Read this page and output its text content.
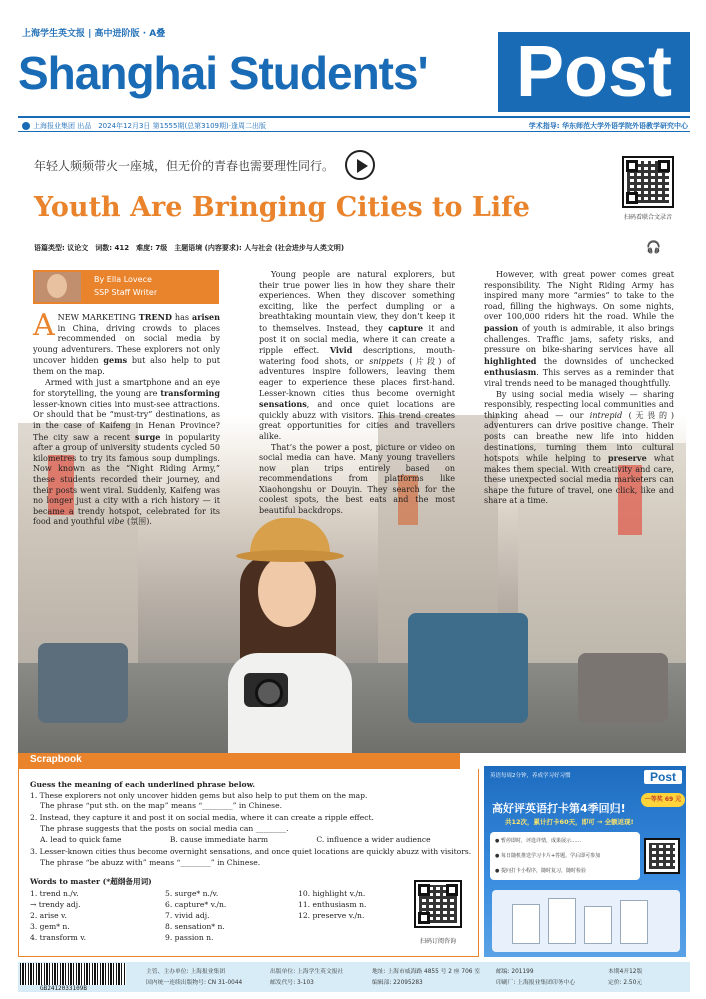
上海学生英文报 | 高中进阶版 · A叠
Shanghai Students' Post
上海报业集团 出品　2024年12月3日 第1555期(总第3109期)·逢周二出版	学术指导: 华东师范大学外语学院外语教学研究中心
年轻人频频带火一座城，但无价的青春也需要理性同行。
Youth Are Bringing Cities to Life	扫码看联合文录音
语篇类型: 议论文　词数: 412　难度: 7级　主题语境 (内容要求): 人与社会 (社会进步与人类文明)	🎧
By Ella Lovece
SSP Staff Writer

A NEW MARKETING TREND has arisen in China, driving crowds to places recommended on social media by young adventurers. These explorers not only uncover hidden gems but also help to put them on the map.

Armed with just a smartphone and an eye for storytelling, the young are transforming lesser-known cities into must-see attractions. Or should that be “must-try” destinations, as in the case of Kaifeng in Henan Province? The city saw a recent surge in popularity after a group of university students cycled 50 kilometres to try its famous soup dumplings. Now known as the “Night Riding Army,” these students recorded their journey, and their posts went viral. Suddenly, Kaifeng was no longer just a city with a rich history — it became a trendy hotspot, celebrated for its food and youthful vibe (氛围).

Young people are natural explorers, but their true power lies in how they share their experiences. When they discover something exciting, like the perfect dumpling or a breathtaking mountain view, they don’t keep it to themselves. Instead, they capture it and post it on social media, where it can create a ripple effect. Vivid descriptions, mouth-watering food shots, or snippets (片段) of adventures inspire followers, leaving them eager to experience these places first-hand. Lesser-known cities thus become overnight sensations, and once quiet locations are quickly abuzz with visitors. This trend creates great opportunities for cities and travellers alike.

That’s the power a post, picture or video on social media can have. Many young travellers now plan trips entirely based on recommendations from platforms like Xiaohongshu or Douyin. They search for the coolest spots, the best eats and the most beautiful backdrops.

However, with great power comes great responsibility. The Night Riding Army has inspired many more “armies” to take to the road, filling the highways. On some nights, over 100,000 riders hit the road. While the passion of youth is admirable, it also brings challenges. Traffic jams, safety risks, and pressure on bike-sharing services have all highlighted the downsides of unchecked enthusiasm. This serves as a reminder that viral trends need to be managed thoughtfully.

By using social media wisely — sharing responsibly, respecting local communities and thinking ahead — our intrepid (无畏的) adventurers can drive positive change. Their posts can breathe new life into hidden destinations, turning them into cultural hotspots while helping to preserve what makes them special. With creativity and care, these unexpected social media marketers can shape the future of travel, one click, like and share at a time.

Scrapbook
Guess the meaning of each underlined phrase below.
1. These explorers not only uncover hidden gems but also help to put them on the map.
The phrase “put sth. on the map” means “________” in Chinese.
2. Instead, they capture it and post it on social media, where it can create a ripple effect.
The phrase suggests that the posts on social media can ________.
A. lead to quick fame                    B. cause immediate harm                    C. influence a wider audience
3. Lesser-known cities thus become overnight sensations, and once quiet locations are quickly abuzz with visitors.
The phrase “be abuzz with” means “________” in Chinese.
Words to master (*超纲备用词)
1. trend n./v.
→ trendy adj.
2. arise v.
3. gem* n.
4. transform v.
5. surge* n./v.
6. capture* v./n.
7. vivid adj.
8. sensation* n.
9. passion n.
10. highlight v./n.
11. enthusiasm n.
12. preserve v./n.
扫码订阅咨询
英语每周2分钟，养成学习好习惯	Post
高好评英语打卡第4季回归!
一等奖 69 元
共12次，累计打卡60天，即可 → 全额返现!
● 暂停即时，评选详情，成果展示……
● 每日随机推送学习卡片+答题，学后即可参加
● 提问打卡小程序，随时复习，随时检验
GB2412033109B
主管、主办单位: 上海报业集团
国内统一连续出版物号: CN 31-0044
出版单位: 上海学生英文报社
邮发代号: 3-103
地址: 上海市威海路 4855 号 2 座 706 室
编辑部: 22095283
邮编: 201199
印刷厂: 上海报业集团印务中心
本期4开12版
定价: 2.50元
